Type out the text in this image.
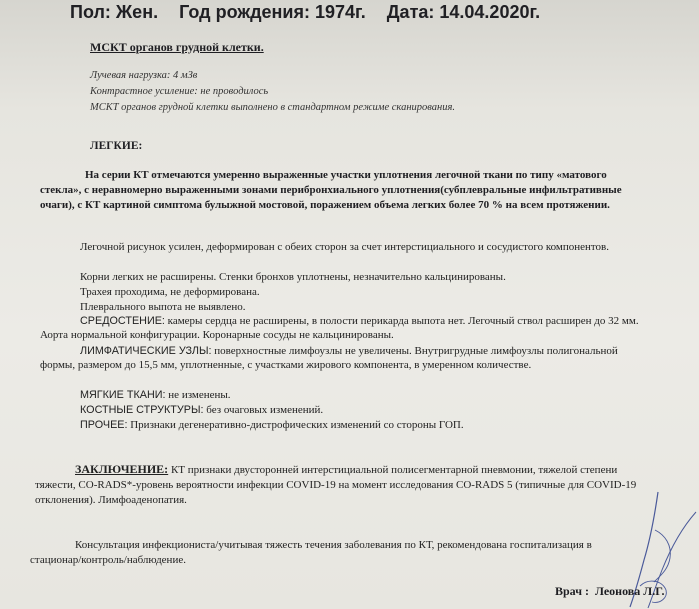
Пол: Жен. Год рождения: 1974г. Дата: 14.04.2020г.
МСКТ органов грудной клетки.
Лучевая нагрузка: 4 мЗв
Контрастное усиление: не проводилось
МСКТ органов грудной клетки выполнено в стандартном режиме сканирования.
ЛЕГКИЕ:
На серии КТ отмечаются умеренно выраженные участки уплотнения легочной ткани по типу «матового стекла», с неравномерно выраженными зонами перибронхиального уплотнения(субплевральные инфильтративные очаги), с КТ картиной симптома булыжной мостовой, поражением объема легких более 70 % на всем протяжении.
Легочной рисунок усилен, деформирован с обеих сторон за счет интерстициального и сосудистого компонентов.
Корни легких не расширены. Стенки бронхов уплотнены, незначительно кальцинированы.
Трахея проходима, не деформирована.
Плеврального выпота не выявлено.
СРЕДОСТЕНИЕ: камеры сердца не расширены, в полости перикарда выпота нет. Легочный ствол расширен до 32 мм. Аорта нормальной конфигурации. Коронарные сосуды не кальцинированы.
ЛИМФАТИЧЕСКИЕ УЗЛЫ: поверхностные лимфоузлы не увеличены. Внутригрудные лимфоузлы полигональной формы, размером до 15,5 мм, уплотненные, с участками жирового компонента, в умеренном количестве.
МЯГКИЕ ТКАНИ: не изменены.
КОСТНЫЕ СТРУКТУРЫ: без очаговых изменений.
ПРОЧЕЕ: Признаки дегенеративно-дистрофических изменений со стороны ГОП.
ЗАКЛЮЧЕНИЕ: КТ признаки двусторонней интерстициальной полисегментарной пневмонии, тяжелой степени тяжести, CO-RADS*-уровень вероятности инфекции COVID-19 на момент исследования CO-RADS 5 (типичные для COVID-19 отклонения). Лимфоаденопатия.
Консультация инфекциониста/учитывая тяжесть течения заболевания по КТ, рекомендована госпитализация в стационар/контроль/наблюдение.
Врач : Леонова Л.Г.
